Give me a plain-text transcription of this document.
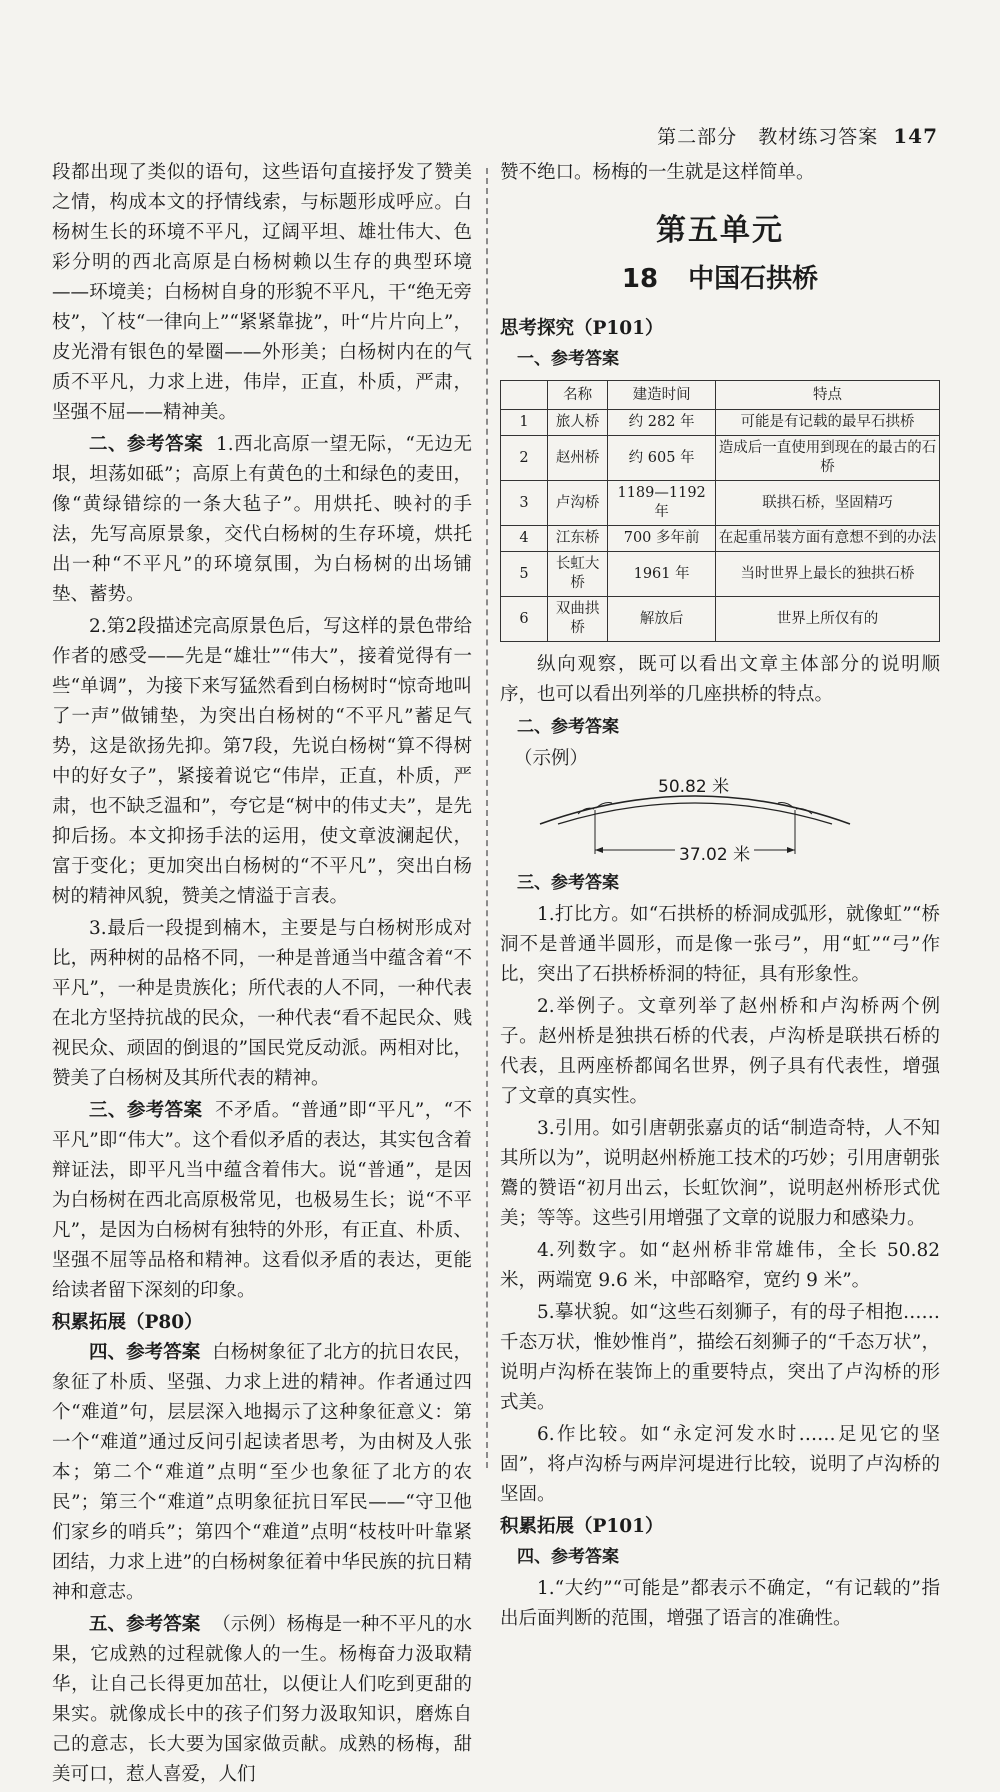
第二部分 教材练习答案 147

段都出现了类似的语句，这些语句直接抒发了赞美之情，构成本文的抒情线索，与标题形成呼应。白杨树生长的环境不平凡，辽阔平坦、雄壮伟大、色彩分明的西北高原是白杨树赖以生存的典型环境——环境美；白杨树自身的形貌不平凡，干“绝无旁枝”，丫枝“一律向上”“紧紧靠拢”，叶“片片向上”，皮光滑有银色的晕圈——外形美；白杨树内在的气质不平凡，力求上进，伟岸，正直，朴质，严肃，坚强不屈——精神美。

二、参考答案 1.西北高原一望无际，“无边无垠，坦荡如砥”；高原上有黄色的土和绿色的麦田，像“黄绿错综的一条大毡子”。用烘托、映衬的手法，先写高原景象，交代白杨树的生存环境，烘托出一种“不平凡”的环境氛围，为白杨树的出场铺垫、蓄势。

2.第2段描述完高原景色后，写这样的景色带给作者的感受——先是“雄壮”“伟大”，接着觉得有一些“单调”，为接下来写猛然看到白杨树时“惊奇地叫了一声”做铺垫，为突出白杨树的“不平凡”蓄足气势，这是欲扬先抑。第7段，先说白杨树“算不得树中的好女子”，紧接着说它“伟岸，正直，朴质，严肃，也不缺乏温和”，夸它是“树中的伟丈夫”，是先抑后扬。本文抑扬手法的运用，使文章波澜起伏，富于变化；更加突出白杨树的“不平凡”，突出白杨树的精神风貌，赞美之情溢于言表。

3.最后一段提到楠木，主要是与白杨树形成对比，两种树的品格不同，一种是普通当中蕴含着“不平凡”，一种是贵族化；所代表的人不同，一种代表在北方坚持抗战的民众，一种代表“看不起民众、贱视民众、顽固的倒退的”国民党反动派。两相对比，赞美了白杨树及其所代表的精神。

三、参考答案 不矛盾。“普通”即“平凡”，“不平凡”即“伟大”。这个看似矛盾的表达，其实包含着辩证法，即平凡当中蕴含着伟大。说“普通”，是因为白杨树在西北高原极常见，也极易生长；说“不平凡”，是因为白杨树有独特的外形，有正直、朴质、坚强不屈等品格和精神。这看似矛盾的表达，更能给读者留下深刻的印象。

积累拓展（P80）

四、参考答案 白杨树象征了北方的抗日农民，象征了朴质、坚强、力求上进的精神。作者通过四个“难道”句，层层深入地揭示了这种象征意义：第一个“难道”通过反问引起读者思考，为由树及人张本；第二个“难道”点明“至少也象征了北方的农民”；第三个“难道”点明象征抗日军民——“守卫他们家乡的哨兵”；第四个“难道”点明“枝枝叶叶靠紧团结，力求上进”的白杨树象征着中华民族的抗日精神和意志。

五、参考答案 （示例）杨梅是一种不平凡的水果，它成熟的过程就像人的一生。杨梅奋力汲取精华，让自己长得更加茁壮，以便让人们吃到更甜的果实。就像成长中的孩子们努力汲取知识，磨炼自己的意志，长大要为国家做贡献。成熟的杨梅，甜美可口，惹人喜爱，人们

赞不绝口。杨梅的一生就是这样简单。

第五单元
18 中国石拱桥

思考探究（P101）

一、参考答案

	名称	建造时间	特点
1	旅人桥	约 282 年	可能是有记载的最早石拱桥
2	赵州桥	约 605 年	造成后一直使用到现在的最古的石桥
3	卢沟桥	1189—1192 年	联拱石桥，坚固精巧
4	江东桥	700 多年前	在起重吊装方面有意想不到的办法
5	长虹大桥	1961 年	当时世界上最长的独拱石桥
6	双曲拱桥	解放后	世界上所仅有的

纵向观察，既可以看出文章主体部分的说明顺序，也可以看出列举的几座拱桥的特点。

二、参考答案

（示例）

50.82 米
37.02 米

三、参考答案

1.打比方。如“石拱桥的桥洞成弧形，就像虹”“桥洞不是普通半圆形，而是像一张弓”，用“虹”“弓”作比，突出了石拱桥桥洞的特征，具有形象性。

2.举例子。文章列举了赵州桥和卢沟桥两个例子。赵州桥是独拱石桥的代表，卢沟桥是联拱石桥的代表，且两座桥都闻名世界，例子具有代表性，增强了文章的真实性。

3.引用。如引唐朝张嘉贞的话“制造奇特，人不知其所以为”，说明赵州桥施工技术的巧妙；引用唐朝张鷟的赞语“初月出云，长虹饮涧”，说明赵州桥形式优美；等等。这些引用增强了文章的说服力和感染力。

4.列数字。如“赵州桥非常雄伟，全长 50.82 米，两端宽 9.6 米，中部略窄，宽约 9 米”。

5.摹状貌。如“这些石刻狮子，有的母子相抱……千态万状，惟妙惟肖”，描绘石刻狮子的“千态万状”，说明卢沟桥在装饰上的重要特点，突出了卢沟桥的形式美。

6.作比较。如“永定河发水时……足见它的坚固”，将卢沟桥与两岸河堤进行比较，说明了卢沟桥的坚固。

积累拓展（P101）

四、参考答案

1.“大约”“可能是”都表示不确定，“有记载的”指出后面判断的范围，增强了语言的准确性。
